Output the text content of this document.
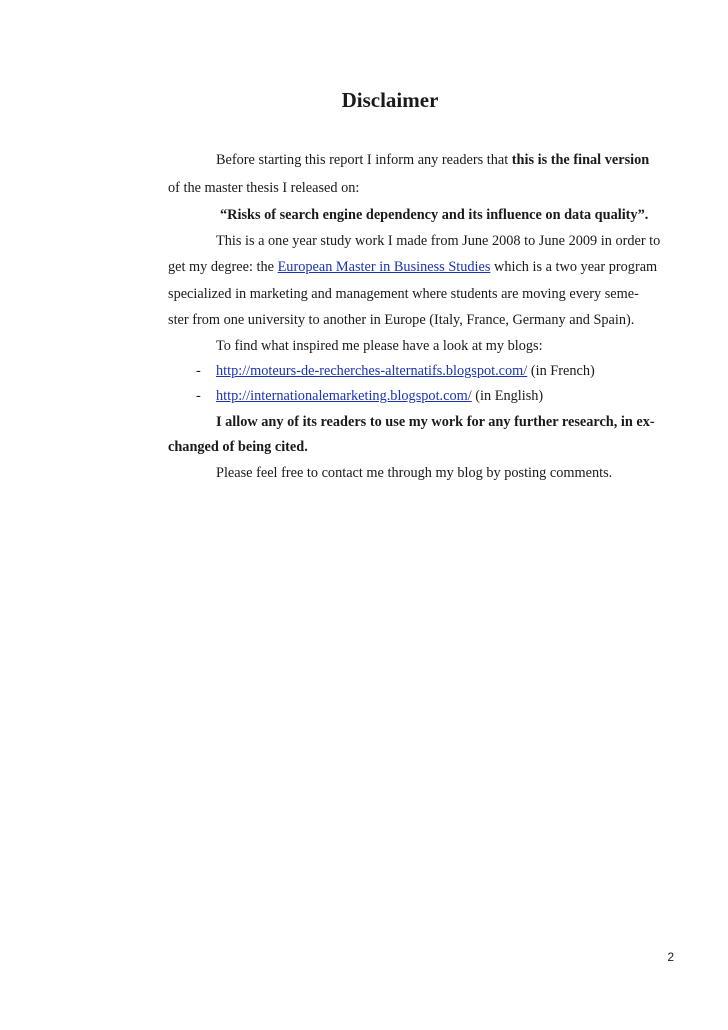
Disclaimer
Before starting this report I inform any readers that this is the final version
of the master thesis I released on:
“Risks of search engine dependency and its influence on data quality”.
This is a one year study work I made from June 2008 to June 2009 in order to
get my degree: the European Master in Business Studies which is a two year program
specialized in marketing and management where students are moving every seme-
ster from one university to another in Europe (Italy, France, Germany and Spain).
To find what inspired me please have a look at my blogs:
- http://moteurs-de-recherches-alternatifs.blogspot.com/ (in French)
- http://internationalemarketing.blogspot.com/ (in English)
I allow any of its readers to use my work for any further research, in ex-
changed of being cited.
Please feel free to contact me through my blog by posting comments.
2
